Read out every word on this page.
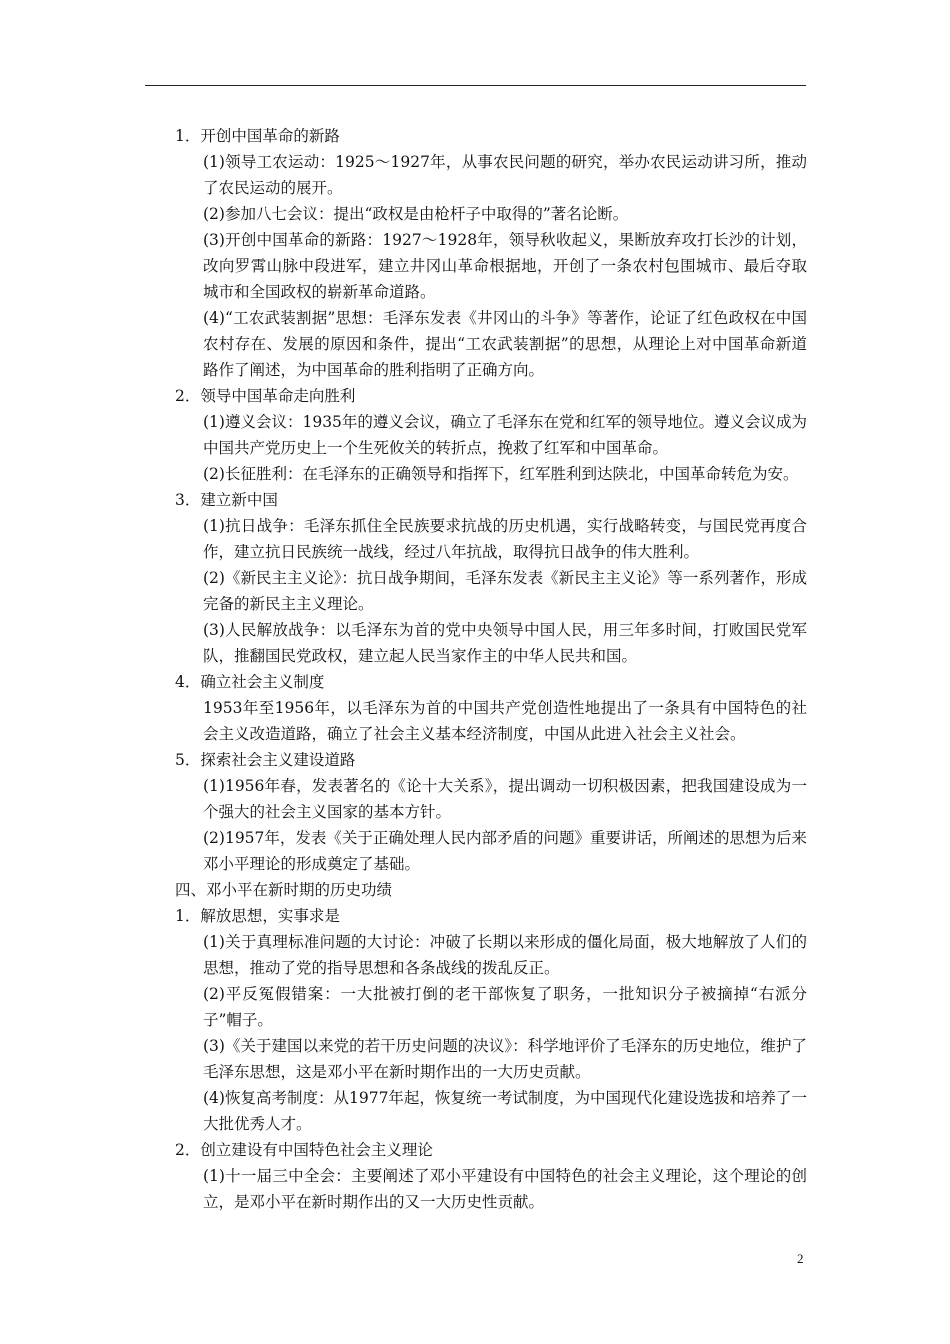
1．开创中国革命的新路
(1)领导工农运动：1925～1927年，从事农民问题的研究，举办农民运动讲习所，推动了农民运动的展开。
(2)参加八七会议：提出“政权是由枪杆子中取得的”著名论断。
(3)开创中国革命的新路：1927～1928年，领导秋收起义，果断放弃攻打长沙的计划，改向罗霄山脉中段进军，建立井冈山革命根据地，开创了一条农村包围城市、最后夺取城市和全国政权的崭新革命道路。
(4)“工农武装割据”思想：毛泽东发表《井冈山的斗争》等著作，论证了红色政权在中国农村存在、发展的原因和条件，提出“工农武装割据”的思想，从理论上对中国革命新道路作了阐述，为中国革命的胜利指明了正确方向。
2．领导中国革命走向胜利
(1)遵义会议：1935年的遵义会议，确立了毛泽东在党和红军的领导地位。遵义会议成为中国共产党历史上一个生死攸关的转折点，挽救了红军和中国革命。
(2)长征胜利：在毛泽东的正确领导和指挥下，红军胜利到达陕北，中国革命转危为安。
3．建立新中国
(1)抗日战争：毛泽东抓住全民族要求抗战的历史机遇，实行战略转变，与国民党再度合作，建立抗日民族统一战线，经过八年抗战，取得抗日战争的伟大胜利。
(2)《新民主主义论》：抗日战争期间，毛泽东发表《新民主主义论》等一系列著作，形成完备的新民主主义理论。
(3)人民解放战争：以毛泽东为首的党中央领导中国人民，用三年多时间，打败国民党军队，推翻国民党政权，建立起人民当家作主的中华人民共和国。
4．确立社会主义制度
1953年至1956年，以毛泽东为首的中国共产党创造性地提出了一条具有中国特色的社会主义改造道路，确立了社会主义基本经济制度，中国从此进入社会主义社会。
5．探索社会主义建设道路
(1)1956年春，发表著名的《论十大关系》，提出调动一切积极因素，把我国建设成为一个强大的社会主义国家的基本方针。
(2)1957年，发表《关于正确处理人民内部矛盾的问题》重要讲话，所阐述的思想为后来邓小平理论的形成奠定了基础。
四、邓小平在新时期的历史功绩
1．解放思想，实事求是
(1)关于真理标准问题的大讨论：冲破了长期以来形成的僵化局面，极大地解放了人们的思想，推动了党的指导思想和各条战线的拨乱反正。
(2)平反冤假错案：一大批被打倒的老干部恢复了职务，一批知识分子被摘掉“右派分子”帽子。
(3)《关于建国以来党的若干历史问题的决议》：科学地评价了毛泽东的历史地位，维护了毛泽东思想，这是邓小平在新时期作出的一大历史贡献。
(4)恢复高考制度：从1977年起，恢复统一考试制度，为中国现代化建设选拔和培养了一大批优秀人才。
2．创立建设有中国特色社会主义理论
(1)十一届三中全会：主要阐述了邓小平建设有中国特色的社会主义理论，这个理论的创立，是邓小平在新时期作出的又一大历史性贡献。
2
